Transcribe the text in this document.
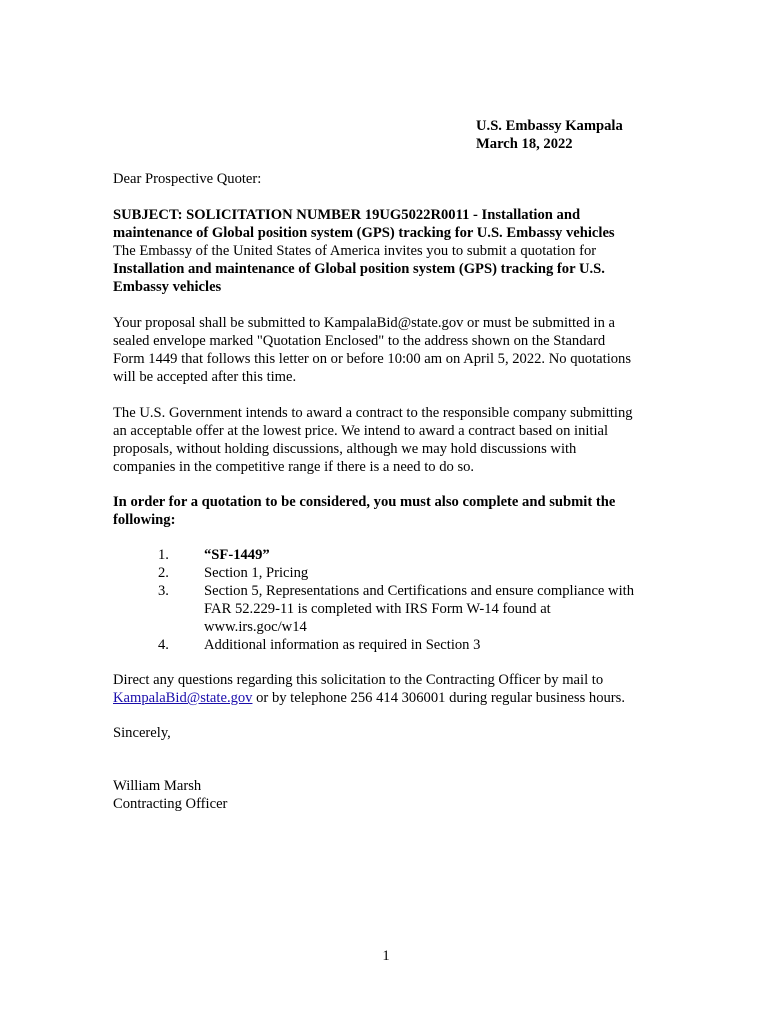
U.S. Embassy Kampala
March 18, 2022
Dear Prospective Quoter:
SUBJECT: SOLICITATION NUMBER 19UG5022R0011 - Installation and
maintenance of Global position system (GPS) tracking for U.S. Embassy vehicles
The Embassy of the United States of America invites you to submit a quotation for
Installation and maintenance of Global position system (GPS) tracking for U.S.
Embassy vehicles
Your proposal shall be submitted to KampalaBid@state.gov or must be submitted in a
sealed envelope marked "Quotation Enclosed" to the address shown on the Standard
Form 1449 that follows this letter on or before 10:00 am on April 5, 2022. No quotations
will be accepted after this time.
The U.S. Government intends to award a contract to the responsible company submitting
an acceptable offer at the lowest price. We intend to award a contract based on initial
proposals, without holding discussions, although we may hold discussions with
companies in the competitive range if there is a need to do so.
In order for a quotation to be considered, you must also complete and submit the
following:
1.	“SF-1449”
2.	Section 1, Pricing
3.	Section 5, Representations and Certifications and ensure compliance with
FAR 52.229-11 is completed with IRS Form W-14 found at
www.irs.goc/w14
4.	Additional information as required in Section 3
Direct any questions regarding this solicitation to the Contracting Officer by mail to
KampalaBid@state.gov or by telephone 256 414 306001 during regular business hours.
Sincerely,
William Marsh
Contracting Officer
1
